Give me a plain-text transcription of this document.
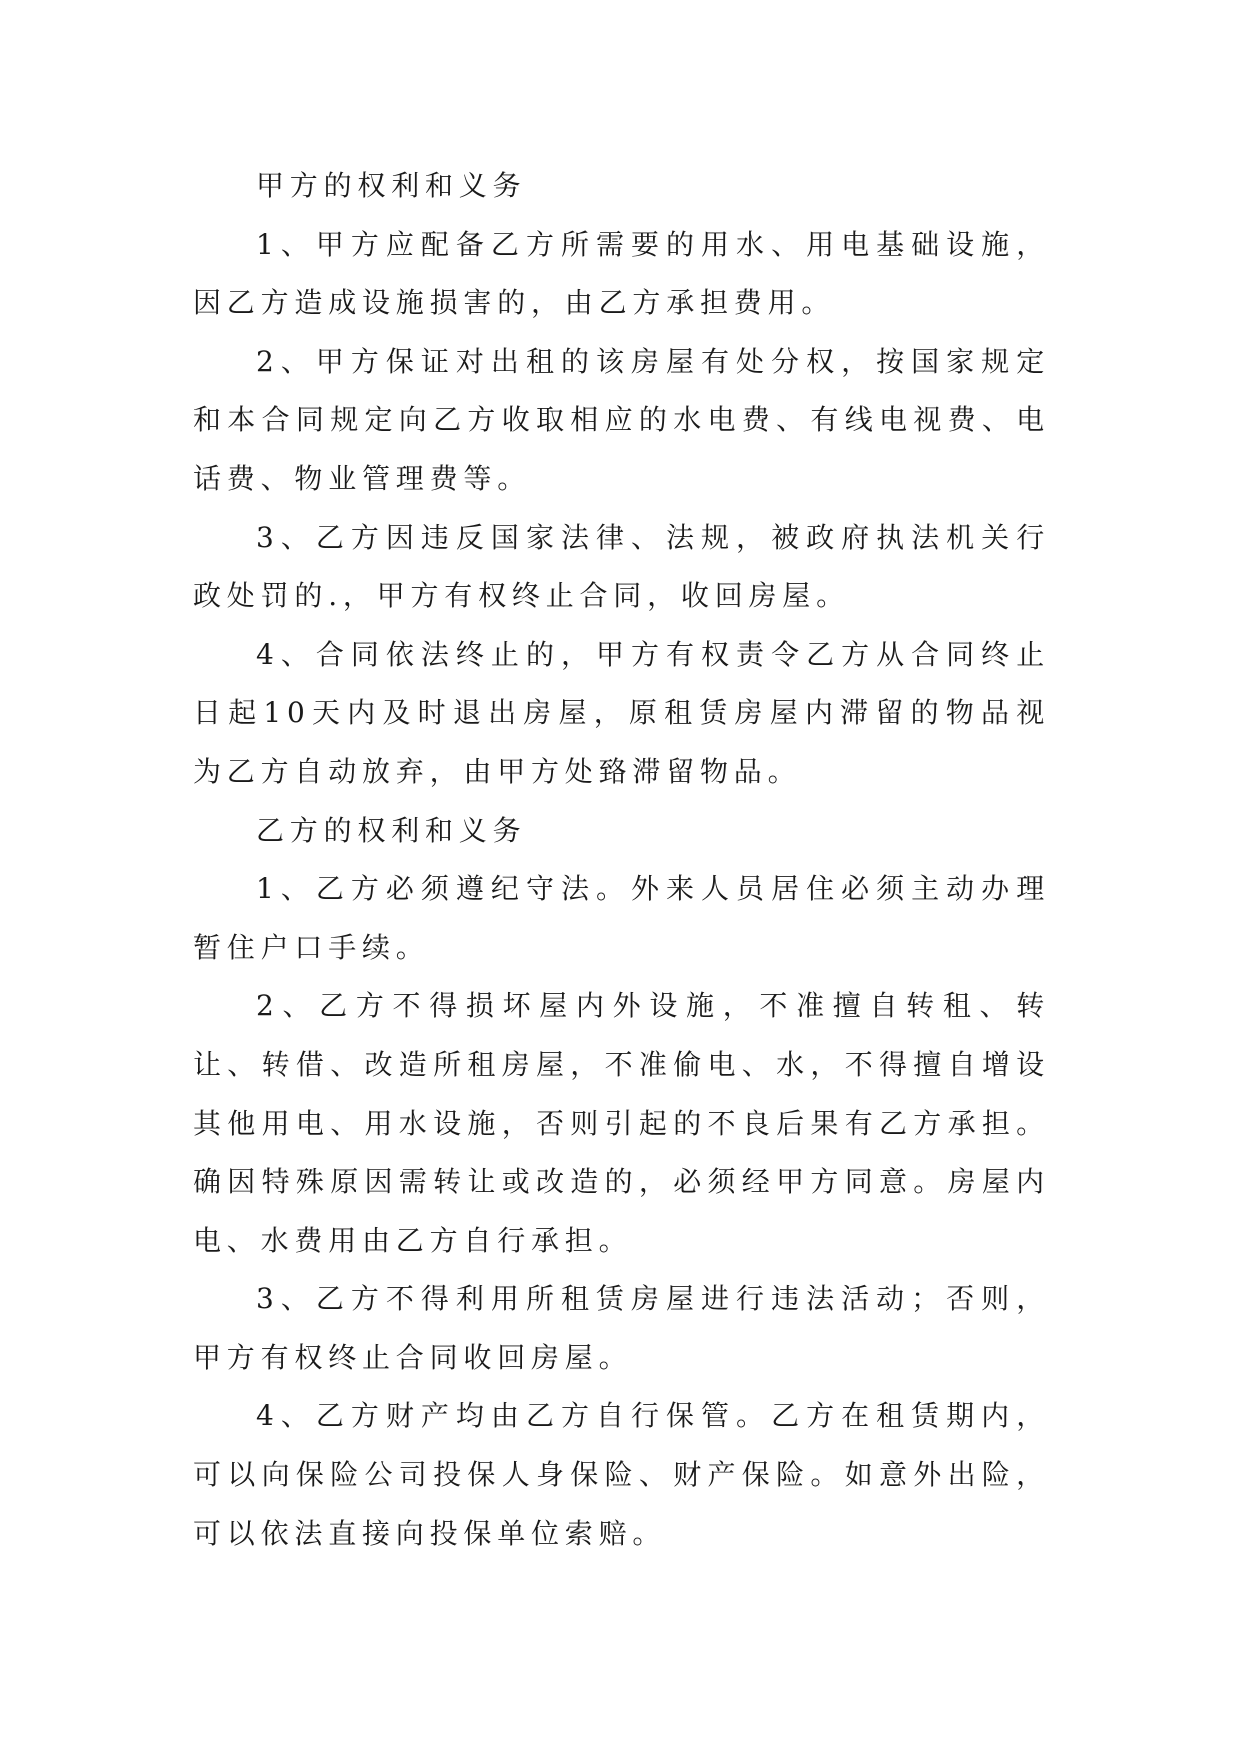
甲方的权利和义务

1、甲方应配备乙方所需要的用水、用电基础设施，因乙方造成设施损害的，由乙方承担费用。

2、甲方保证对出租的该房屋有处分权，按国家规定和本合同规定向乙方收取相应的水电费、有线电视费、电话费、物业管理费等。

3、乙方因违反国家法律、法规，被政府执法机关行政处罚的.，甲方有权终止合同，收回房屋。

4、合同依法终止的，甲方有权责令乙方从合同终止日起10天内及时退出房屋，原租赁房屋内滞留的物品视为乙方自动放弃，由甲方处臵滞留物品。

乙方的权利和义务

1、乙方必须遵纪守法。外来人员居住必须主动办理暂住户口手续。

2、乙方不得损坏屋内外设施，不准擅自转租、转让、转借、改造所租房屋，不准偷电、水，不得擅自增设其他用电、用水设施，否则引起的不良后果有乙方承担。确因特殊原因需转让或改造的，必须经甲方同意。房屋内电、水费用由乙方自行承担。

3、乙方不得利用所租赁房屋进行违法活动；否则，甲方有权终止合同收回房屋。

4、乙方财产均由乙方自行保管。乙方在租赁期内，可以向保险公司投保人身保险、财产保险。如意外出险，可以依法直接向投保单位索赔。
